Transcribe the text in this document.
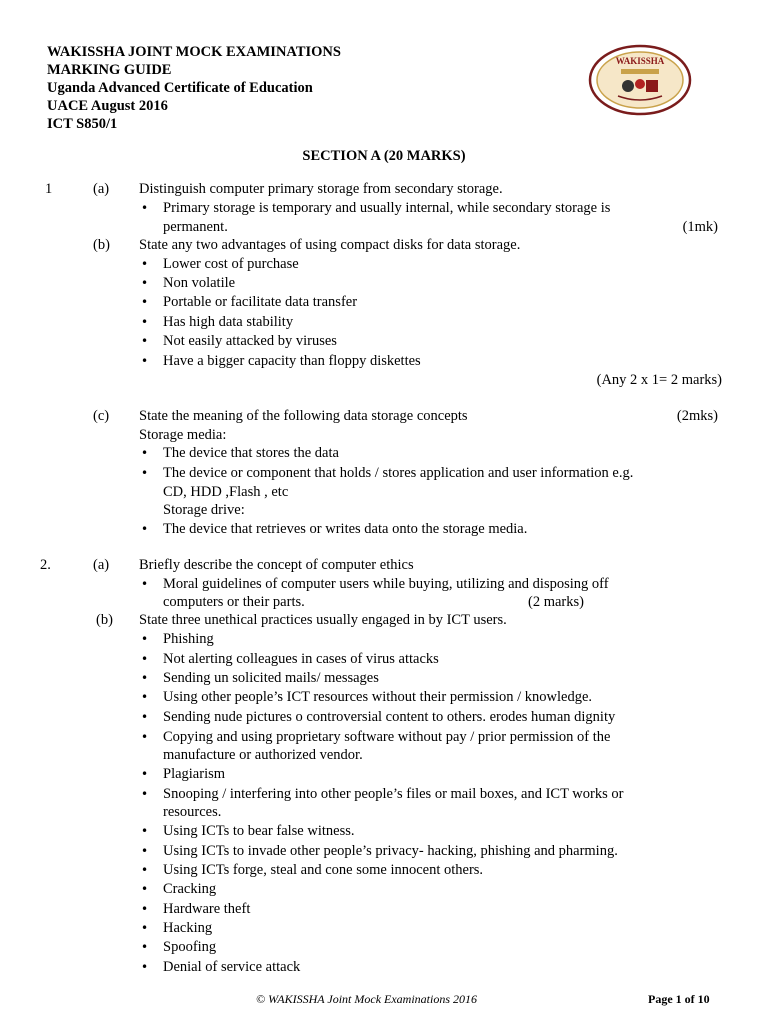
WAKISSHA JOINT MOCK EXAMINATIONS
MARKING GUIDE
Uganda Advanced Certificate of Education
UACE August 2016
ICT S850/1
WAKISSHA
SECTION A (20 MARKS)
1	(a) Distinguish computer primary storage from secondary storage.
• Primary storage is temporary and usually internal, while secondary storage is
permanent.	(1mk)
(b) State any two advantages of using compact disks for data storage.
• Lower cost of purchase
• Non volatile
• Portable or facilitate data transfer
• Has high data stability
• Not easily attacked by viruses
• Have a bigger capacity than floppy diskettes
(Any 2 x 1= 2 marks)
(c) State the meaning of the following data storage concepts	(2mks)
Storage media:
• The device that stores the data
• The device or component that holds / stores application and user information e.g.
CD, HDD ,Flash , etc
Storage drive:
• The device that retrieves or writes data onto the storage media.
2.	(a) Briefly describe the concept of computer ethics
• Moral guidelines of computer users while buying, utilizing and disposing off
computers or their parts.	(2 marks)
(b) State three unethical practices usually engaged in by ICT users.
• Phishing
• Not alerting colleagues in cases of virus attacks
• Sending un solicited mails/ messages
• Using other people’s ICT resources without their permission / knowledge.
• Sending nude pictures o controversial content to others. erodes human dignity
• Copying and using proprietary software without pay / prior permission of the
manufacture or authorized vendor.
• Plagiarism
• Snooping / interfering into other people’s files or mail boxes, and ICT works or
resources.
• Using ICTs to bear false witness.
• Using ICTs to invade other people’s privacy- hacking, phishing and pharming.
• Using ICTs forge, steal and cone some innocent others.
• Cracking
• Hardware theft
• Hacking
• Spoofing
• Denial of service attack
© WAKISSHA Joint Mock Examinations 2016	Page 1 of 10
